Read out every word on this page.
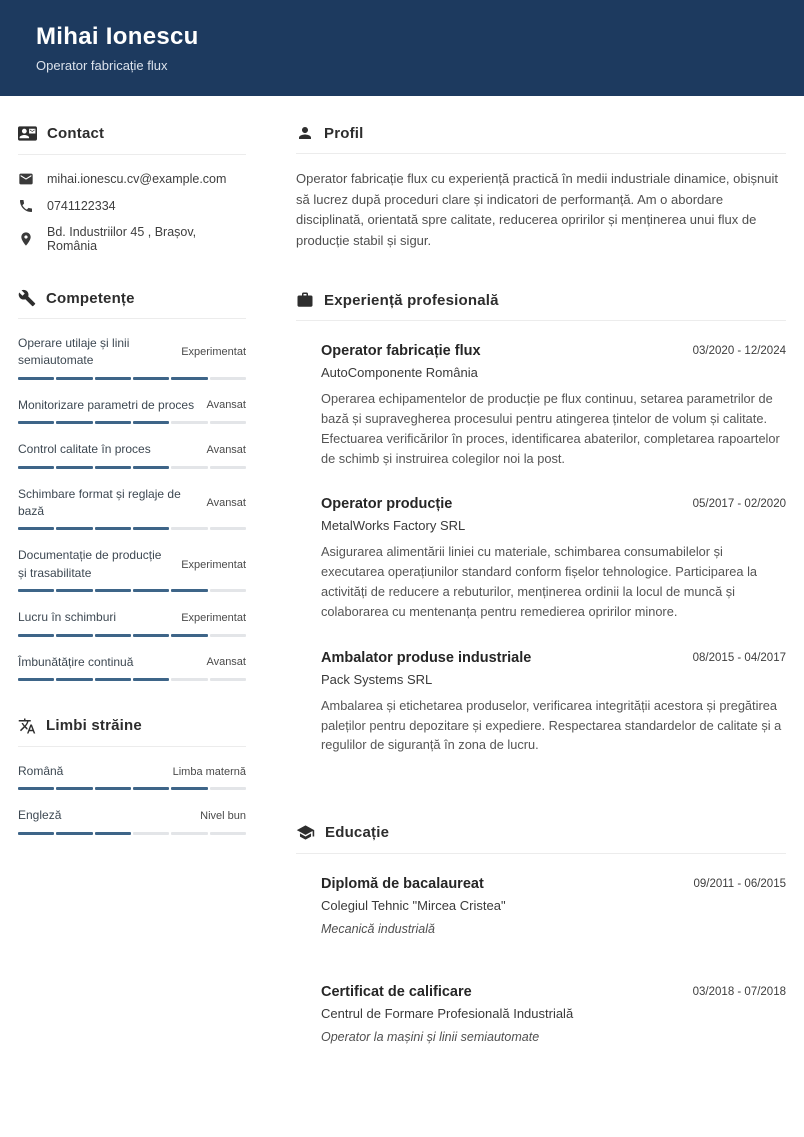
Mihai Ionescu
Operator fabricație flux
Contact
mihai.ionescu.cv@example.com
0741122334
Bd. Industriilor 45 , Brașov, România
Competențe
Operare utilaje și linii semiautomate
Experimentat
Monitorizare parametri de proces Avansat
Control calitate în proces	Avansat
Schimbare format și reglaje de bază
Avansat
Documentație de producție și trasabilitate
Experimentat
Lucru în schimburi	Experimentat
Îmbunătățire continuă	Avansat
Limbi străine
Română	Limba maternă
Engleză	Nivel bun
Profil
Operator fabricație flux cu experiență practică în medii industriale dinamice, obișnuit să lucrez după proceduri clare și indicatori de performanță. Am o abordare disciplinată, orientată spre calitate, reducerea opririlor și menținerea unui flux de producție stabil și sigur.
Experiență profesională
Operator fabricație flux	03/2020 - 12/2024
AutoComponente România
Operarea echipamentelor de producție pe flux continuu, setarea parametrilor de bază și supravegherea procesului pentru atingerea țintelor de volum și calitate. Efectuarea verificărilor în proces, identificarea abaterilor, completarea rapoartelor de schimb și instruirea colegilor noi la post.
Operator producție	05/2017 - 02/2020
MetalWorks Factory SRL
Asigurarea alimentării liniei cu materiale, schimbarea consumabilelor și executarea operațiunilor standard conform fișelor tehnologice. Participarea la activități de reducere a rebuturilor, menținerea ordinii la locul de muncă și colaborarea cu mentenanța pentru remedierea opririlor minore.
Ambalator produse industriale	08/2015 - 04/2017
Pack Systems SRL
Ambalarea și etichetarea produselor, verificarea integrității acestora și pregătirea paleților pentru depozitare și expediere. Respectarea standardelor de calitate și a regulilor de siguranță în zona de lucru.
Educație
Diplomă de bacalaureat	09/2011 - 06/2015
Colegiul Tehnic "Mircea Cristea"
Mecanică industrială
Certificat de calificare	03/2018 - 07/2018
Centrul de Formare Profesională Industrială
Operator la mașini și linii semiautomate
